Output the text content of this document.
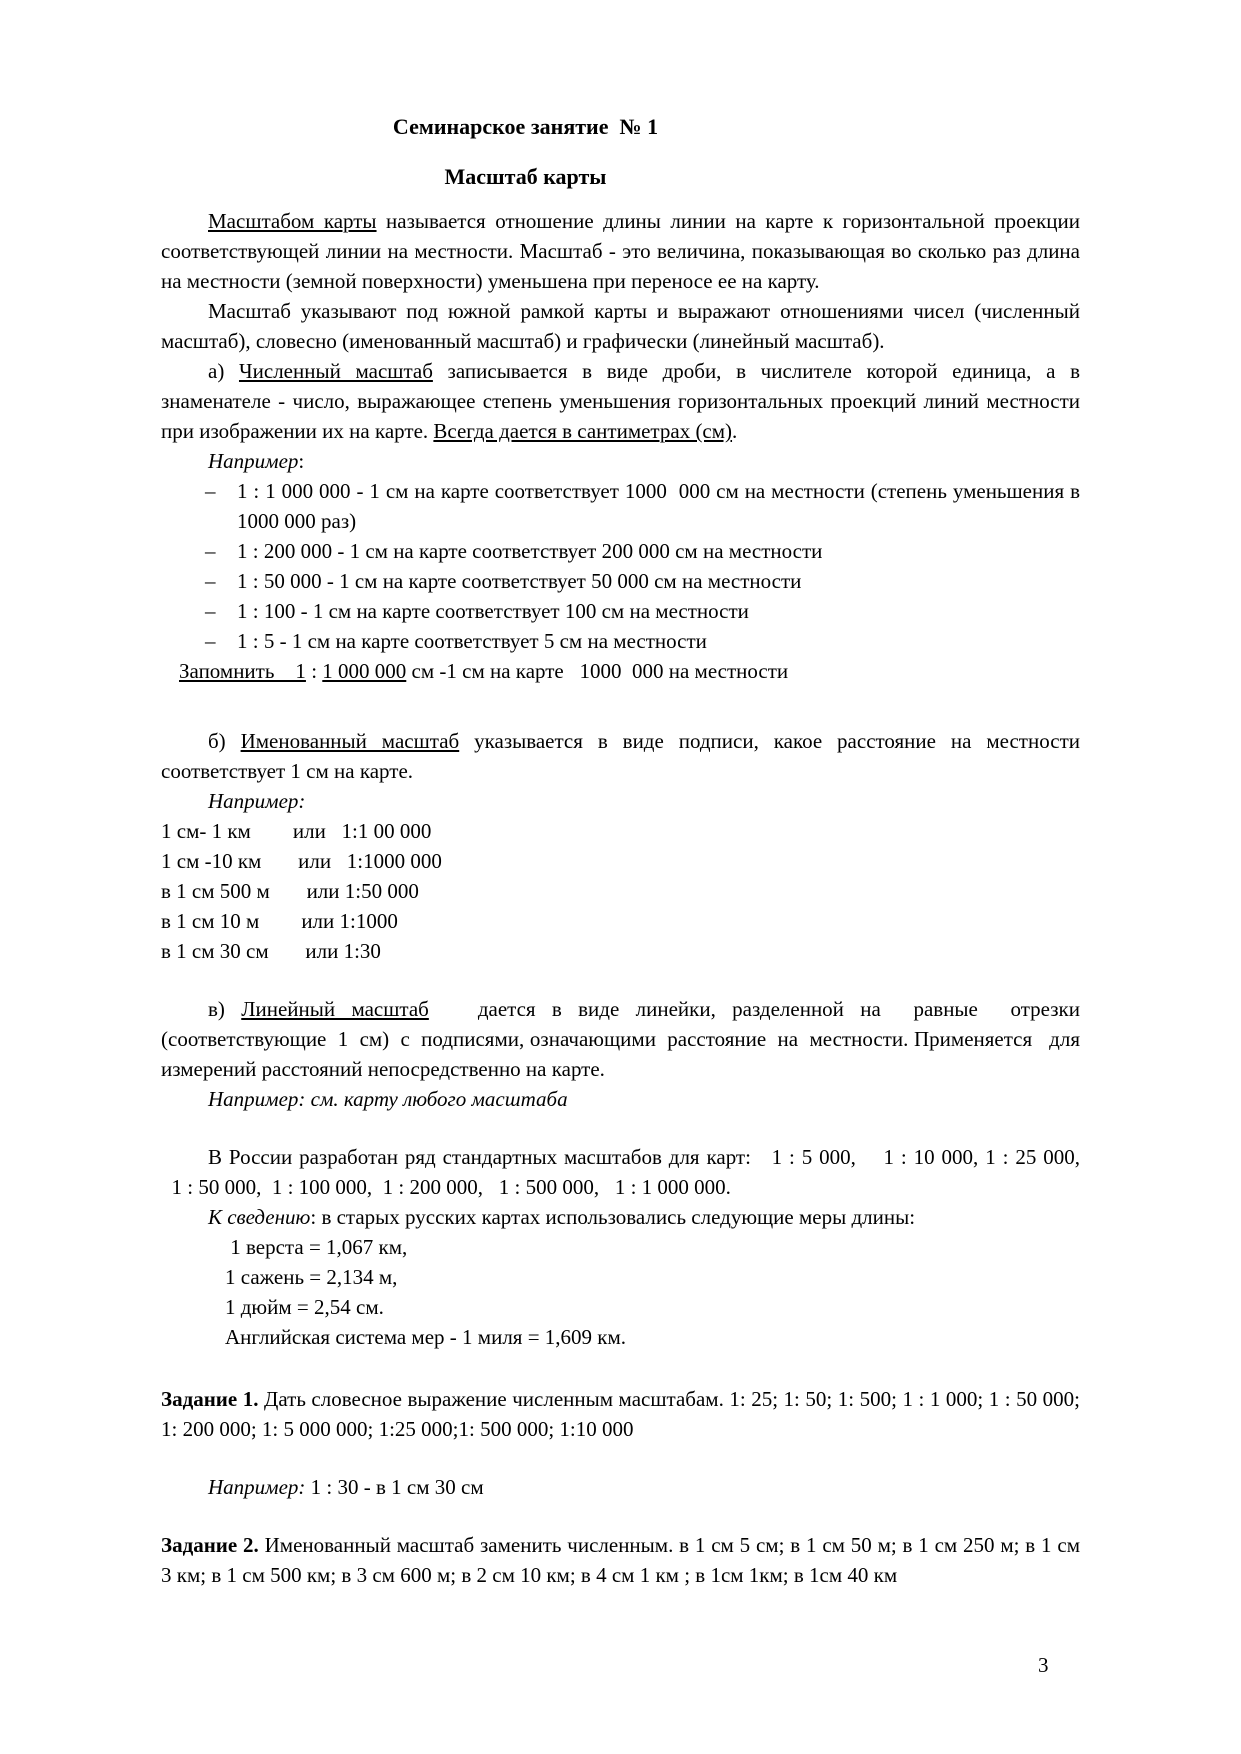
Семинарское занятие  № 1
Масштаб карты

Масштабом карты называется отношение длины линии на карте к горизонтальной проекции соответствующей линии на местности. Масштаб - это величина, показывающая во сколько раз длина на местности (земной поверхности) уменьшена при переносе ее на карту.

Масштаб указывают под южной рамкой карты и выражают отношениями чисел (численный масштаб), словесно (именованный масштаб) и графически (линейный масштаб).

а) Численный масштаб записывается в виде дроби, в числителе которой единица, а в знаменателе - число, выражающее степень уменьшения горизонтальных проекций линий местности при изображении их на карте. Всегда дается в сантиметрах (см).

Например:

– 1 : 1 000 000 - 1 см на карте соответствует 1000  000 см на местности (степень уменьшения в 1000 000 раз)
– 1 : 200 000 - 1 см на карте соответствует 200 000 см на местности
– 1 : 50 000 - 1 см на карте соответствует 50 000 см на местности
– 1 : 100 - 1 см на карте соответствует 100 см на местности
– 1 : 5 - 1 см на карте соответствует 5 см на местности

Запомнить    1 : 1 000 000 см -1 см на карте   1000  000 на местности

б) Именованный масштаб указывается в виде подписи, какое расстояние на местности соответствует 1 см на карте.

Например:

1 см- 1 км        или   1:1 00 000
1 см -10 км       или   1:1000 000
в 1 см 500 м       или 1:50 000
в 1 см 10 м        или 1:1000
в 1 см 30 см       или 1:30

в) Линейный масштаб   дается в виде линейки, разделенной на  равные  отрезки (соответствующие  1  см)  с  подписями, означающими  расстояние  на  местности. Применяется   для измерений расстояний непосредственно на карте.

Например: см. карту любого масштаба

В России разработан ряд стандартных масштабов для карт:   1 : 5 000,    1 : 10 000, 1 : 25 000,   1 : 50 000,  1 : 100 000,  1 : 200 000,   1 : 500 000,   1 : 1 000 000.

К сведению: в старых русских картах использовались следующие меры длины:

1 верста = 1,067 км,
1 сажень = 2,134 м,
1 дюйм = 2,54 см.
Английская система мер - 1 миля = 1,609 км.

Задание 1. Дать словесное выражение численным масштабам. 1: 25; 1: 50; 1: 500; 1 : 1 000; 1 : 50 000; 1: 200 000; 1: 5 000 000; 1:25 000;1: 500 000; 1:10 000

Например: 1 : 30 - в 1 см 30 см

Задание 2. Именованный масштаб заменить численным. в 1 см 5 см; в 1 см 50 м; в 1 см 250 м; в 1 см 3 км; в 1 см 500 км; в 3 см 600 м; в 2 см 10 км; в 4 см 1 км ; в 1см 1км; в 1см 40 км

3
